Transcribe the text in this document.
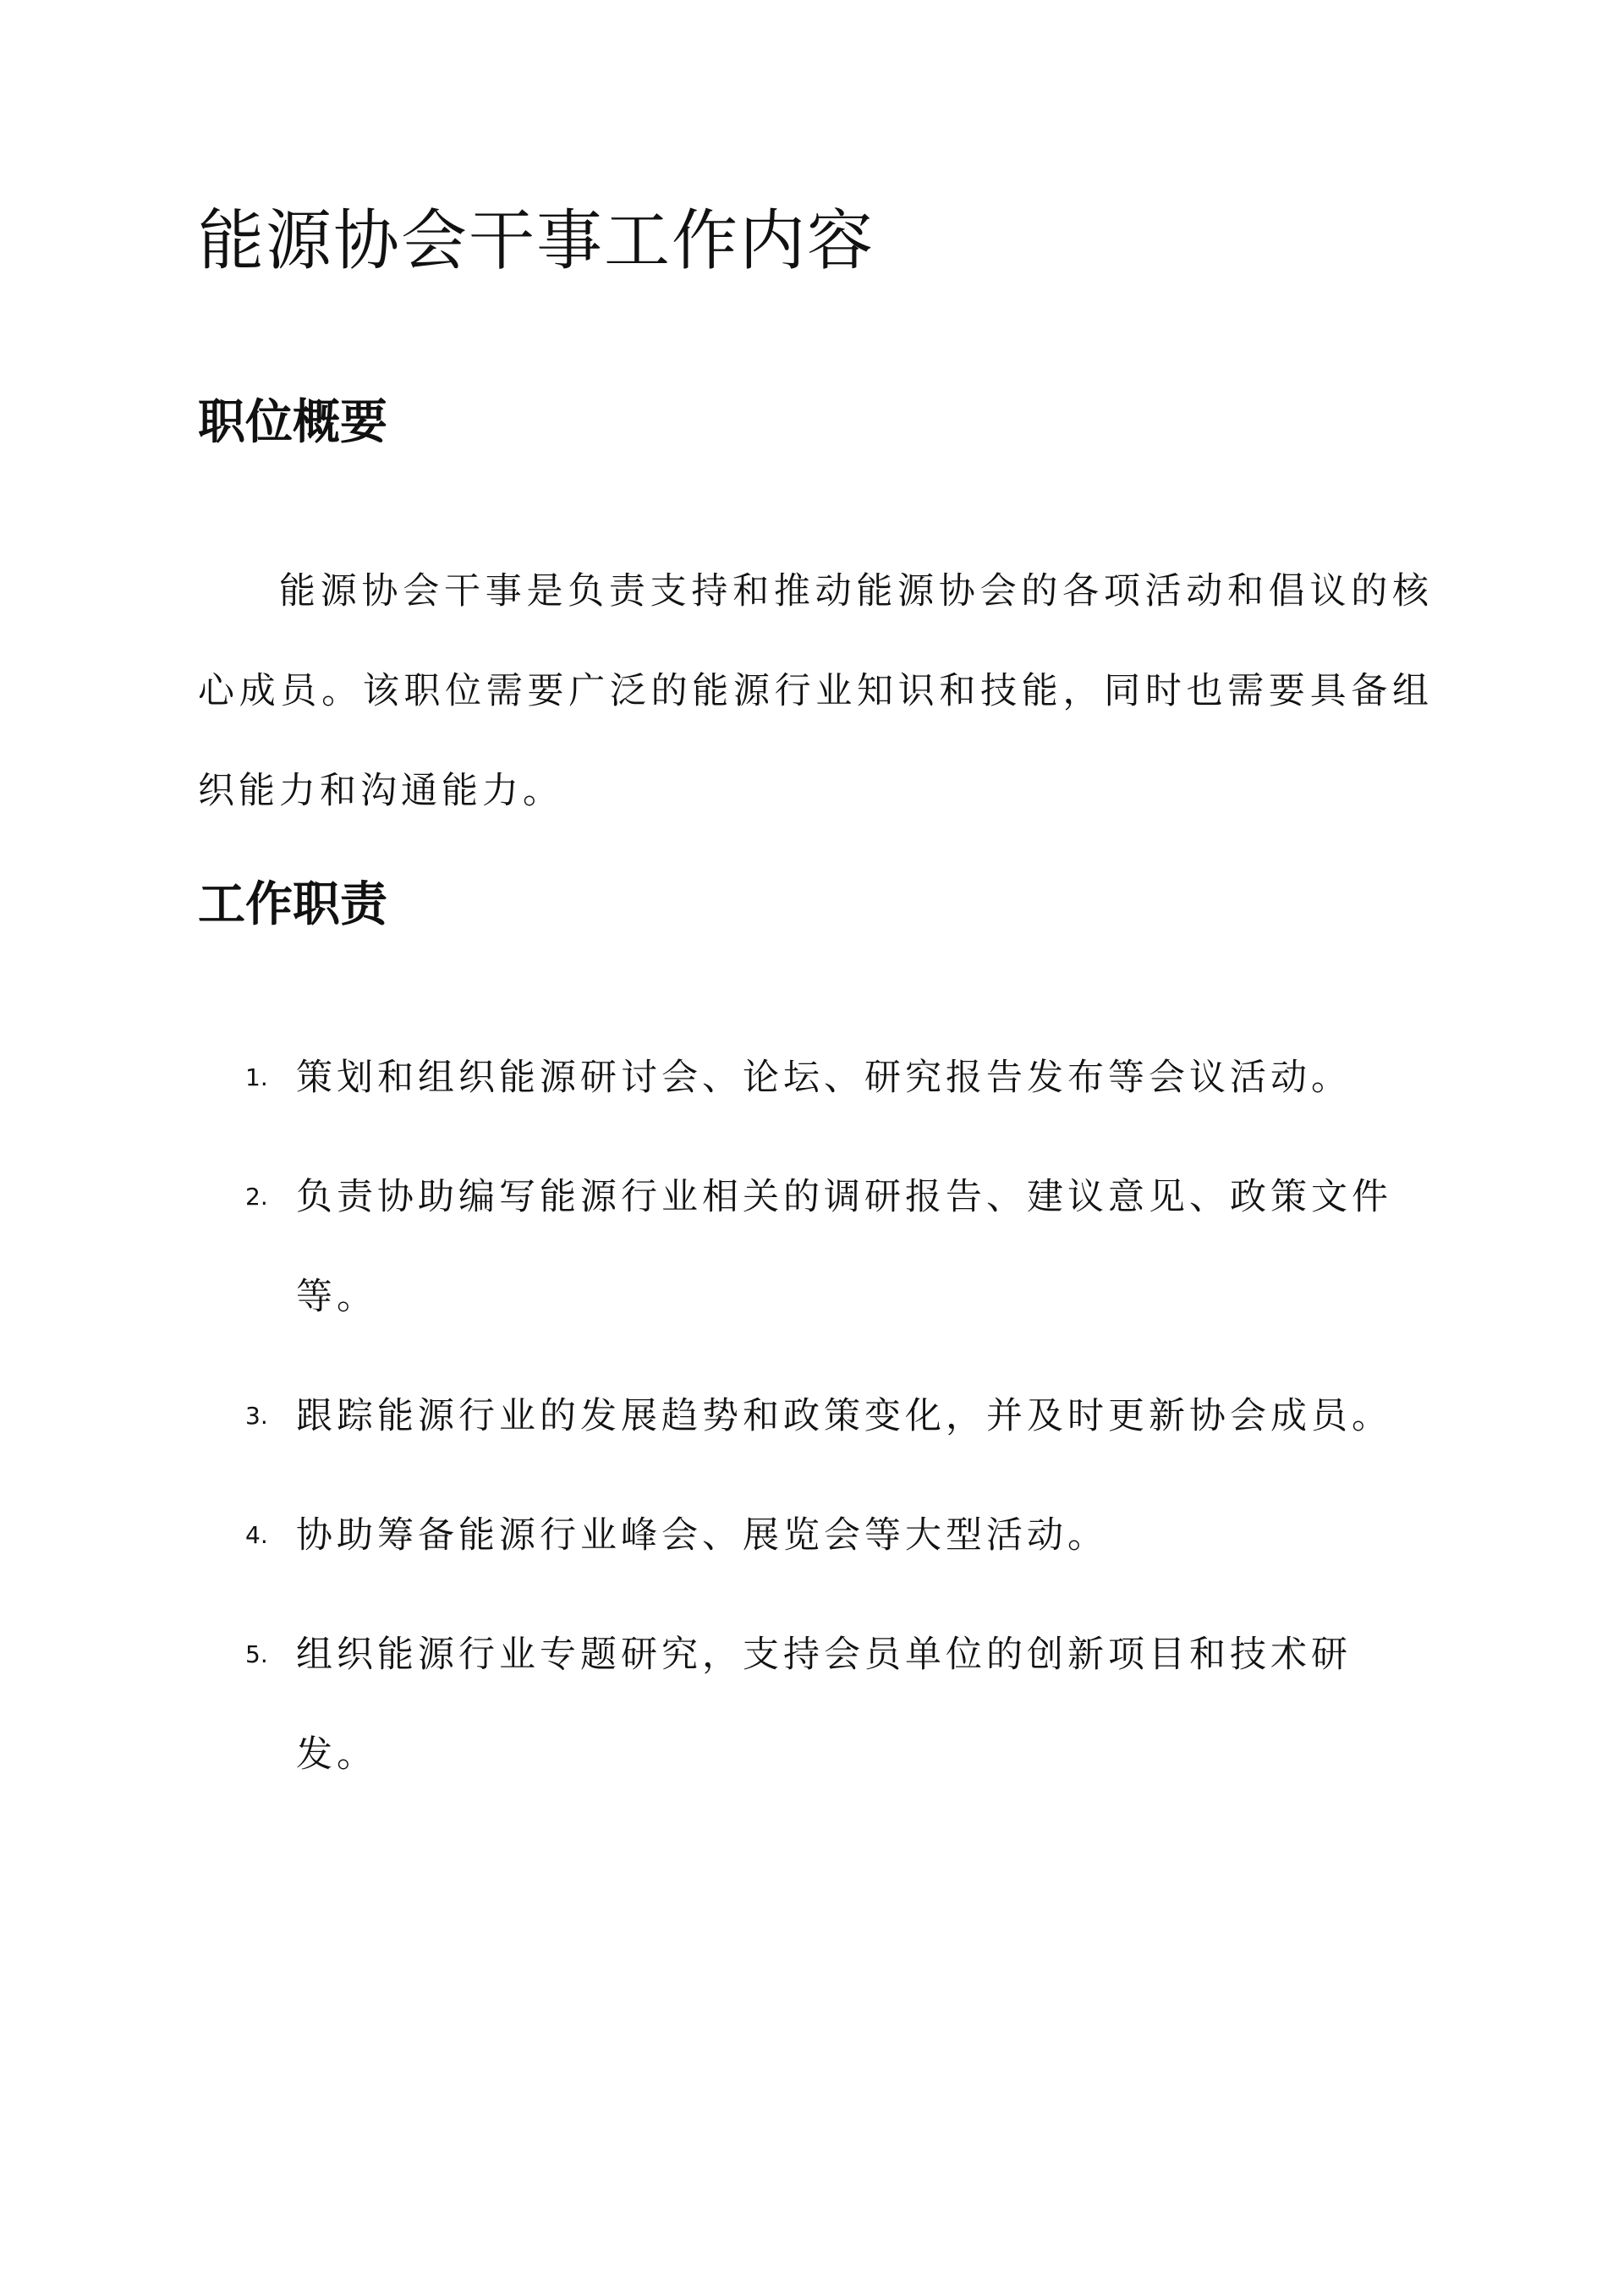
能源协会干事工作内容
职位概要

能源协会干事是负责支持和推动能源协会的各项活动和倡议的核心成员。该职位需要广泛的能源行业知识和技能，同时也需要具备组织能力和沟通能力。

工作职责
1. 策划和组织能源研讨会、论坛、研究报告发布等会议活动。
2. 负责协助编写能源行业相关的调研报告、建议意见、政策文件等。
3. 跟踪能源行业的发展趋势和政策变化，并及时更新协会成员。
4. 协助筹备能源行业峰会、展览会等大型活动。
5. 组织能源行业专题研究，支持会员单位的创新项目和技术研发。
